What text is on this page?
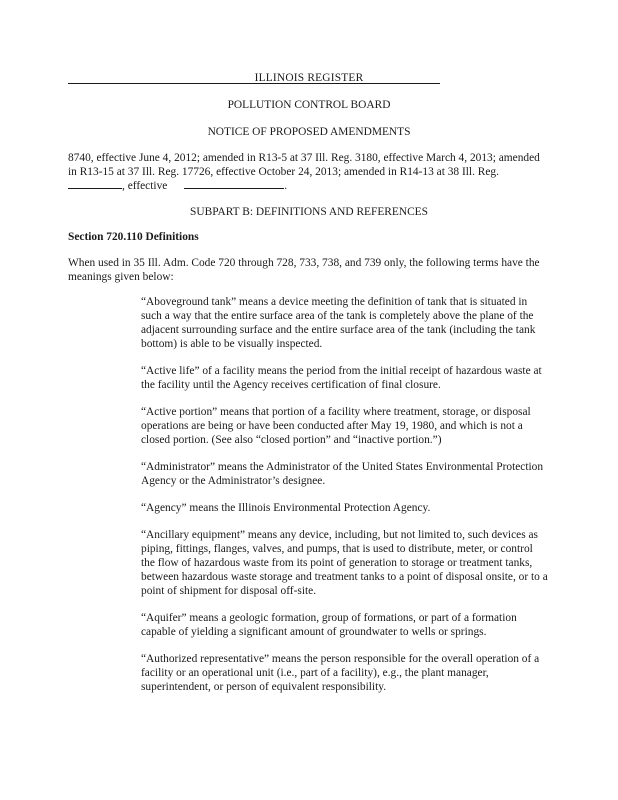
ILLINOIS REGISTER
POLLUTION CONTROL BOARD
NOTICE OF PROPOSED AMENDMENTS
8740, effective June 4, 2012; amended in R13-5 at 37 Ill. Reg. 3180, effective March 4, 2013; amended in R13-15 at 37 Ill. Reg. 17726, effective October 24, 2013; amended in R14-13 at 38 Ill. Reg. , effective	.
SUBPART B: DEFINITIONS AND REFERENCES
Section 720.110 Definitions
When used in 35 Ill. Adm. Code 720 through 728, 733, 738, and 739 only, the following terms have the meanings given below:

“Aboveground tank” means a device meeting the definition of tank that is situated in such a way that the entire surface area of the tank is completely above the plane of the adjacent surrounding surface and the entire surface area of the tank (including the tank bottom) is able to be visually inspected.

“Active life” of a facility means the period from the initial receipt of hazardous waste at the facility until the Agency receives certification of final closure.

“Active portion” means that portion of a facility where treatment, storage, or disposal operations are being or have been conducted after May 19, 1980, and which is not a closed portion. (See also “closed portion” and “inactive portion.”)

“Administrator” means the Administrator of the United States Environmental Protection Agency or the Administrator’s designee.

“Agency” means the Illinois Environmental Protection Agency.

“Ancillary equipment” means any device, including, but not limited to, such devices as piping, fittings, flanges, valves, and pumps, that is used to distribute, meter, or control the flow of hazardous waste from its point of generation to storage or treatment tanks, between hazardous waste storage and treatment tanks to a point of disposal onsite, or to a point of shipment for disposal off-site.

“Aquifer” means a geologic formation, group of formations, or part of a formation capable of yielding a significant amount of groundwater to wells or springs.

“Authorized representative” means the person responsible for the overall operation of a facility or an operational unit (i.e., part of a facility), e.g., the plant manager, superintendent, or person of equivalent responsibility.
